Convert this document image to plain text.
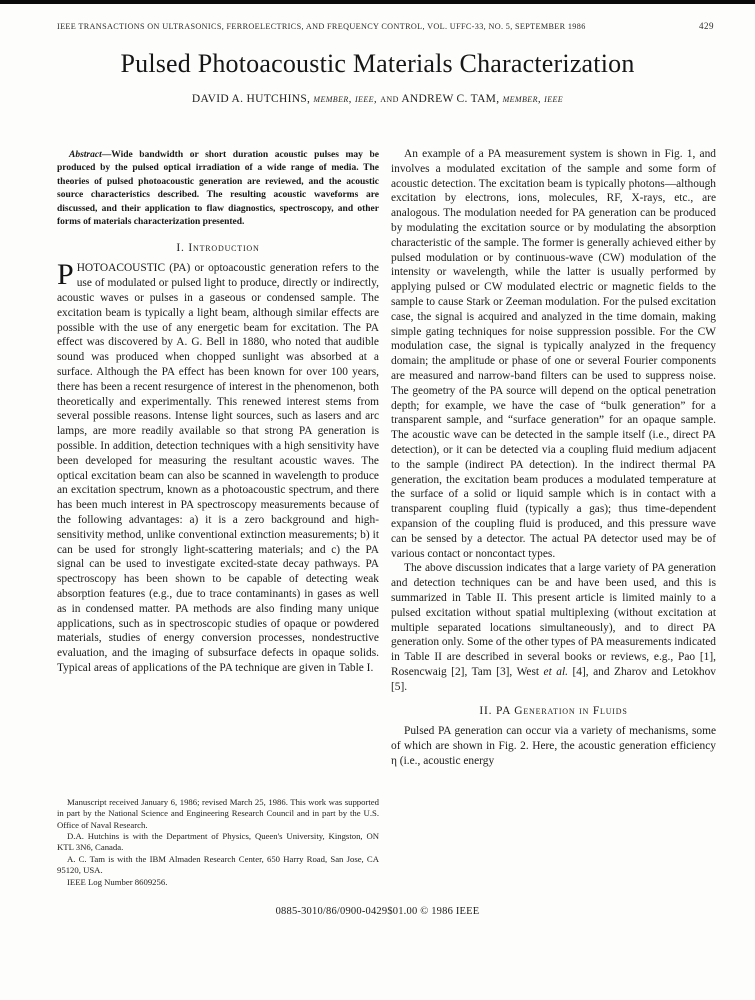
IEEE TRANSACTIONS ON ULTRASONICS, FERROELECTRICS, AND FREQUENCY CONTROL, VOL. UFFC-33, NO. 5, SEPTEMBER 1986	429
Pulsed Photoacoustic Materials Characterization
DAVID A. HUTCHINS, member, ieee, and ANDREW C. TAM, member, ieee

Abstract—Wide bandwidth or short duration acoustic pulses may be produced by the pulsed optical irradiation of a wide range of media. The theories of pulsed photoacoustic generation are reviewed, and the acoustic source characteristics described. The resulting acoustic waveforms are discussed, and their application to flaw diagnostics, spectroscopy, and other forms of materials characterization presented.

I. Introduction

PHOTOACOUSTIC (PA) or optoacoustic generation refers to the use of modulated or pulsed light to produce, directly or indirectly, acoustic waves or pulses in a gaseous or condensed sample. The excitation beam is typically a light beam, although similar effects are possible with the use of any energetic beam for excitation. The PA effect was discovered by A. G. Bell in 1880, who noted that audible sound was produced when chopped sunlight was absorbed at a surface. Although the PA effect has been known for over 100 years, there has been a recent resurgence of interest in the phenomenon, both theoretically and experimentally. This renewed interest stems from several possible reasons. Intense light sources, such as lasers and arc lamps, are more readily available so that strong PA generation is possible. In addition, detection techniques with a high sensitivity have been developed for measuring the resultant acoustic waves. The optical excitation beam can also be scanned in wavelength to produce an excitation spectrum, known as a photoacoustic spectrum, and there has been much interest in PA spectroscopy measurements because of the following advantages: a) it is a zero background and high-sensitivity method, unlike conventional extinction measurements; b) it can be used for strongly light-scattering materials; and c) the PA signal can be used to investigate excited-state decay pathways. PA spectroscopy has been shown to be capable of detecting weak absorption features (e.g., due to trace contaminants) in gases as well as in condensed matter. PA methods are also finding many unique applications, such as in spectroscopic studies of opaque or powdered materials, studies of energy conversion processes, nondestructive evaluation, and the imaging of subsurface defects in opaque solids. Typical areas of applications of the PA technique are given in Table I.

Manuscript received January 6, 1986; revised March 25, 1986. This work was supported in part by the National Science and Engineering Research Council and in part by the U.S. Office of Naval Research.

D.A. Hutchins is with the Department of Physics, Queen's University, Kingston, ON KTL 3N6, Canada.

A. C. Tam is with the IBM Almaden Research Center, 650 Harry Road, San Jose, CA 95120, USA.

IEEE Log Number 8609256.

An example of a PA measurement system is shown in Fig. 1, and involves a modulated excitation of the sample and some form of acoustic detection. The excitation beam is typically photons—although excitation by electrons, ions, molecules, RF, X-rays, etc., are analogous. The modulation needed for PA generation can be produced by modulating the excitation source or by modulating the absorption characteristic of the sample. The former is generally achieved either by pulsed modulation or by continuous-wave (CW) modulation of the intensity or wavelength, while the latter is usually performed by applying pulsed or CW modulated electric or magnetic fields to the sample to cause Stark or Zeeman modulation. For the pulsed excitation case, the signal is acquired and analyzed in the time domain, making simple gating techniques for noise suppression possible. For the CW modulation case, the signal is typically analyzed in the frequency domain; the amplitude or phase of one or several Fourier components are measured and narrow-band filters can be used to suppress noise. The geometry of the PA source will depend on the optical penetration depth; for example, we have the case of “bulk generation” for a transparent sample, and “surface generation” for an opaque sample. The acoustic wave can be detected in the sample itself (i.e., direct PA detection), or it can be detected via a coupling fluid medium adjacent to the sample (indirect PA detection). In the indirect thermal PA generation, the excitation beam produces a modulated temperature at the surface of a solid or liquid sample which is in contact with a transparent coupling fluid (typically a gas); thus time-dependent expansion of the coupling fluid is produced, and this pressure wave can be sensed by a detector. The actual PA detector used may be of various contact or noncontact types.

The above discussion indicates that a large variety of PA generation and detection techniques can be and have been used, and this is summarized in Table II. This present article is limited mainly to a pulsed excitation without spatial multiplexing (without excitation at multiple separated locations simultaneously), and to direct PA generation only. Some of the other types of PA measurements indicated in Table II are described in several books or reviews, e.g., Pao [1], Rosencwaig [2], Tam [3], West et al. [4], and Zharov and Letokhov [5].

II. PA Generation in Fluids

Pulsed PA generation can occur via a variety of mechanisms, some of which are shown in Fig. 2. Here, the acoustic generation efficiency η (i.e., acoustic energy

0885-3010/86/0900-0429$01.00 © 1986 IEEE
